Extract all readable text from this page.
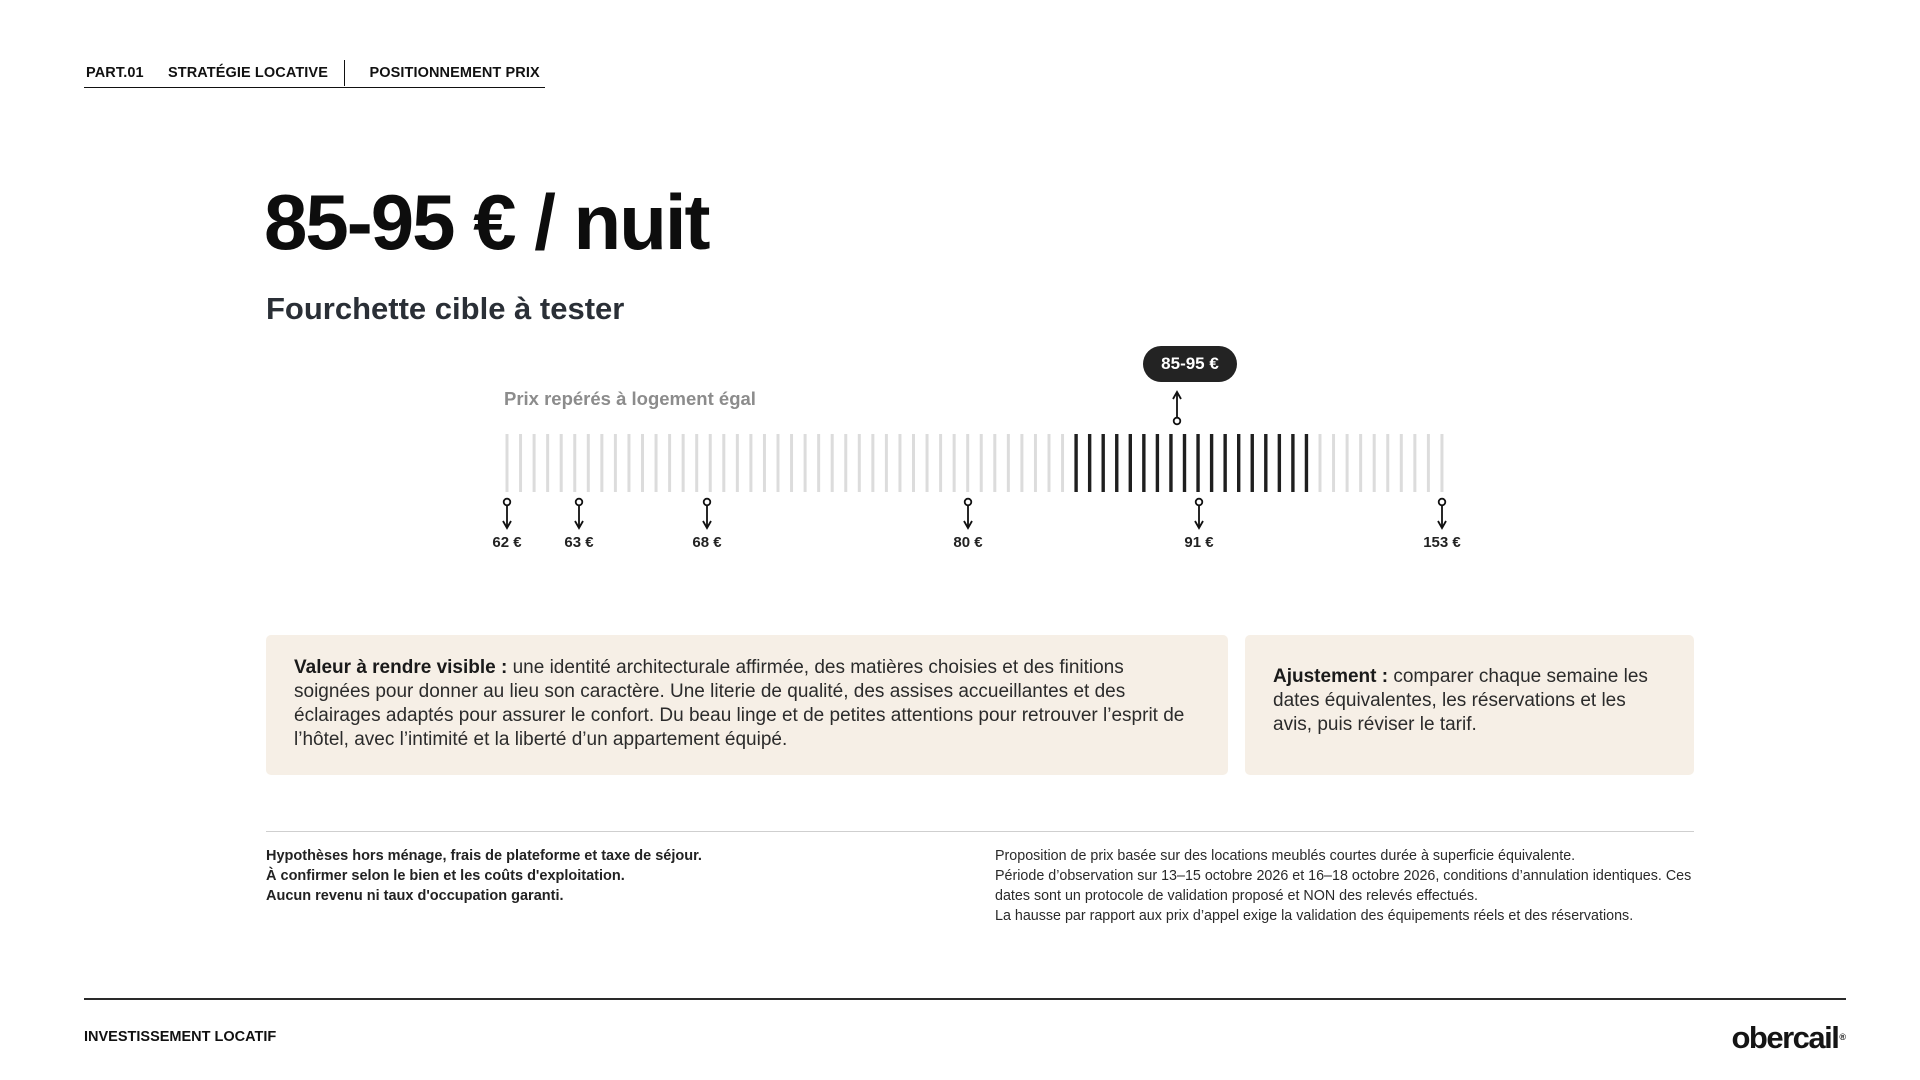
PART.01	STRATÉGIE LOCATIVE	POSITIONNEMENT PRIX
85-95 € / nuit
Fourchette cible à tester
Prix repérés à logement égal
85-95 €
62 €	63 €	68 €	80 €	91 €	153 €
Valeur à rendre visible : une identité architecturale affirmée, des matières choisies et des finitions soignées pour donner au lieu son caractère. Une literie de qualité, des assises accueillantes et des éclairages adaptés pour assurer le confort. Du beau linge et de petites attentions pour retrouver l’esprit de l’hôtel, avec l’intimité et la liberté d’un appartement équipé.
Ajustement : comparer chaque semaine les dates équivalentes, les réservations et les avis, puis réviser le tarif.
Hypothèses hors ménage, frais de plateforme et taxe de séjour.
À confirmer selon le bien et les coûts d'exploitation.
Aucun revenu ni taux d'occupation garanti.
Proposition de prix basée sur des locations meublés courtes durée à superficie équivalente.
Période d’observation sur 13–15 octobre 2026 et 16–18 octobre 2026, conditions d’annulation identiques. Ces dates sont un protocole de validation proposé et NON des relevés effectués.
La hausse par rapport aux prix d’appel exige la validation des équipements réels et des réservations.
INVESTISSEMENT LOCATIF	obercail®
